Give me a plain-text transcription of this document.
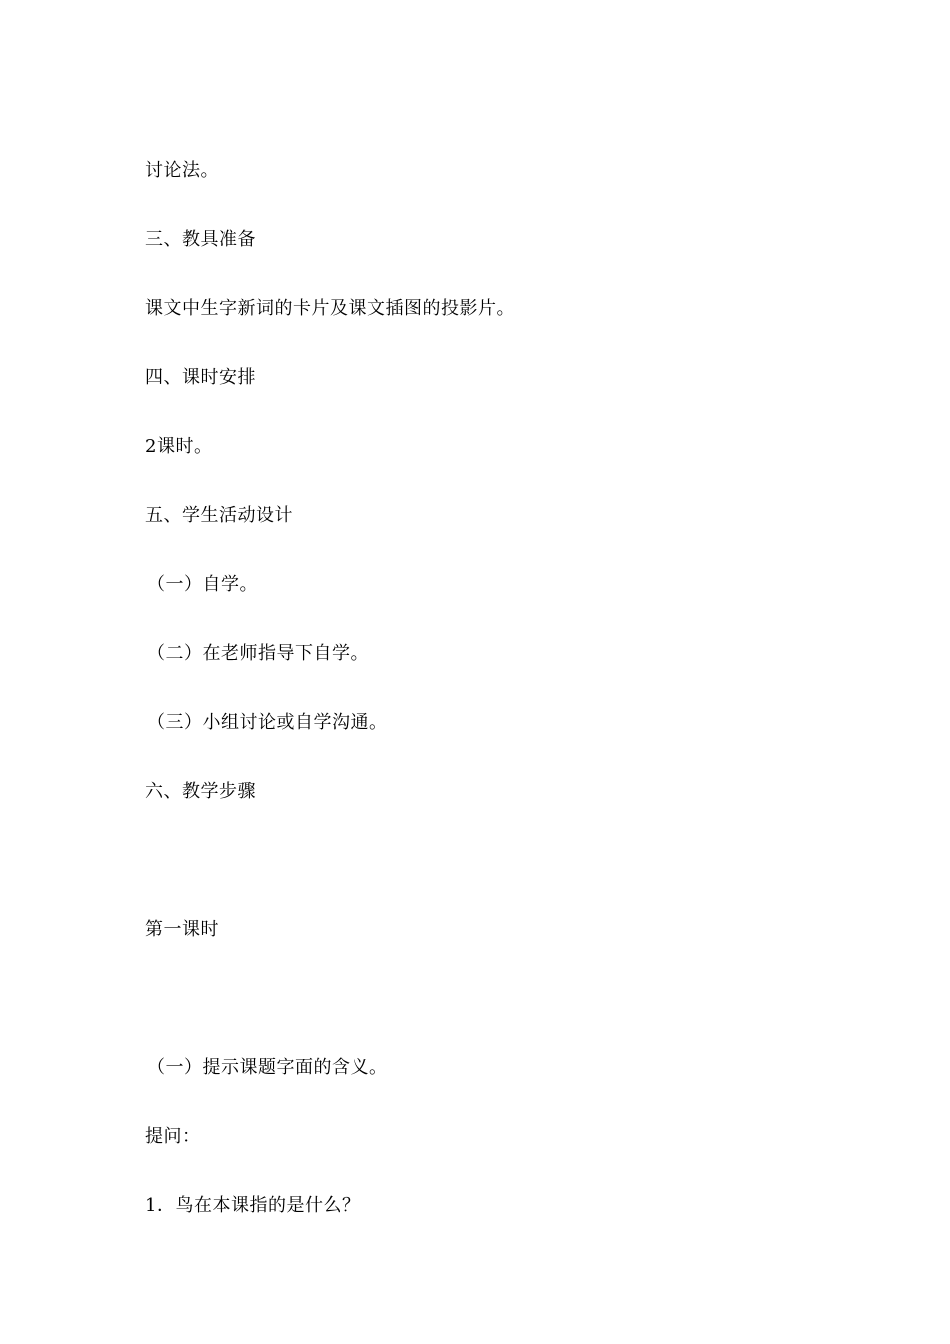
讨论法。
三、教具准备
课文中生字新词的卡片及课文插图的投影片。
四、课时安排
2课时。
五、学生活动设计
（一）自学。
（二）在老师指导下自学。
（三）小组讨论或自学沟通。
六、教学步骤
第一课时
（一）提示课题字面的含义。
提问：
1．鸟在本课指的是什么？
